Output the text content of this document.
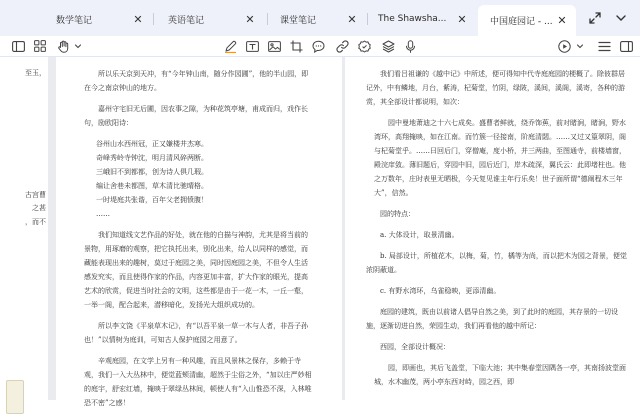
数学笔记	✕	英语笔记	✕	课堂笔记	✕ The Shawsha...	✕	中国庭园记 - ... ✕
至玉，

古宫曹
之甚
，而不

所以乐天京到天冲，有“今年钟山南，随分作园圃”，他的半山园，即在今之南京钟山的地方。

嘉州守宅旧无后圃，因农事之隙，为种花筑亭塘，甫成而归，戏作长句，励欧阳诗：

谷州山水西州冠，正又嫌楼井杰寒。
奇峰秀岭寺钟沈，明月清风碎两断。
三峨旧不到都都，创为诗人俱几瑕。
编让舍巷未都图，草木清比驰晴格。
一时堤庭共张谐，百年父老拥愤腹！
……

我们知道线文艺作品的好处，就在他的白描与神韵，尤其是将当前的景物，用琢磨的观察，把它执托出来，别化出来，给人以同样的感觉，而藏能表现出来的趣树，莫过于庭园之美，同时因庭园之美，不但令人生活感发究实，而且使得作家的作品，内容更加丰富，扩大作家的眼光，提高艺术的欣赏，促进当时社会的文明，这些都是由于一花一木，一丘一壑，一举一阁，配合起来，潜移暗化，发扬光大组织成功的。

所以李文饶《平泉草木记》，有“以吾平泉一草一木与人者，非吾子孙也！”以情树为庭训，可知古人保护庭园之用意了。

辛观庭园，在文学上另有一种风趣，而且风景林之保存，多赖于寺观，我们一入大丛林中，便觉蓝颊清幽，超然于尘俗之外，“加以庄严妙相的庭宇，舒宏红墙，掩映于翠绿丛林间，顿使人有“入山惟恐不深，入林唯恐不密”之感！

我们看吕祖谦的《越中记》中所述，便可得知中代寺庭庭园的梗概了。除彼群居记外，中有鳞地，月台，紫涛，杞菊堂，竹阴，绿陂，溪间，溪阁，溪寄，各种的游赏，其全部设计都说明，如次：

园中曼地萧迪之十六七成矣。盛曹者鲜就，绕乔饰蕉，前对睹涧，睹涧，野水湾环，高翔掩映，如在江南。而竹簇一径接南，阶庭清閟。……又过又篁翠阴，阁与杞菊堂乎。……曰回后门，穿僧庵，度小桥，并三两曲，至图通寺，前楼墙窗，殿浣庠敛。薄旧题后，穿园中旧，园后近门，岸木疏深，翼氏云：此即堵柱也。他之万数年，庄时表里无晒极，今天复见谁主年行乐矣！世子面所谓“德阐程木三年大”，信然。

园的特点：

a. 大体设计，取景清幽。

b. 局部设计，所植花木，以梅，菊，竹，橘等为尚，而以把木为园之背景，便觉浓阴蔽道。

c. 有野水湾环，乌雀稳映，更添清幽。

庭园的建筑，既由以前诸人倡导自然之美，到了此时的庭园，其存景的一切设施，逐渐切进自然，荣园生动，我们再看他的越中所记：

西园，全部设计概况：

园，即画也，其后飞盖堂，下临大池；其中集春堂因隅各一亭，其南扬波堂面城，水木幽茂，两小亭东西对峙，园之西，即
